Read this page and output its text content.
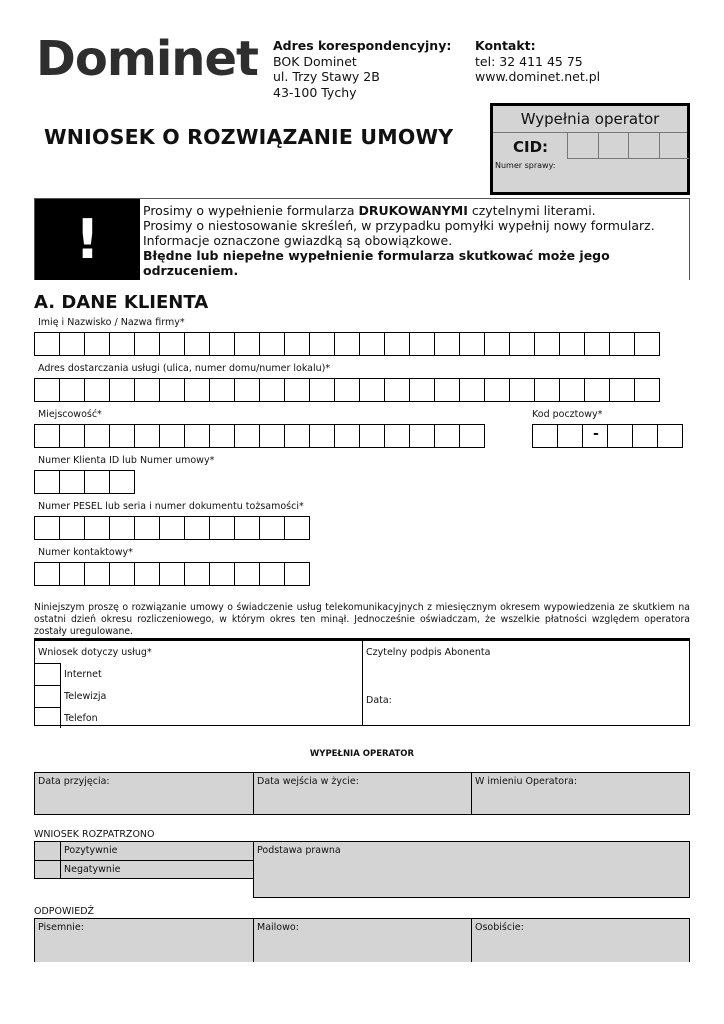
Dominet Adres korespondencyjny:
BOK Dominet
ul. Trzy Stawy 2B
43-100 Tychy
Kontakt:
tel: 32 411 45 75
www.dominet.net.pl
WNIOSEK O ROZWIĄZANIE UMOWY
Wypełnia operator
CID:
Numer sprawy:
!	Prosimy o wypełnienie formularza DRUKOWANYMI czytelnymi literami.
Prosimy o niestosowanie skreśleń, w przypadku pomyłki wypełnij nowy formularz.
Informacje oznaczone gwiazdką są obowiązkowe.
Błędne lub niepełne wypełnienie formularza skutkować może jego odrzuceniem.
A. DANE KLIENTA
Imię i Nazwisko / Nazwa firmy*
Adres dostarczania usługi (ulica, numer domu/numer lokalu)*
Miejscowość*	Kod pocztowy*
-
Numer Klienta ID lub Numer umowy*
Numer PESEL lub seria i numer dokumentu tożsamości*
Numer kontaktowy*
Niniejszym proszę o rozwiązanie umowy o świadczenie usług telekomunikacyjnych z miesięcznym okresem wypowiedzenia ze skutkiem na ostatni dzień okresu rozliczeniowego, w którym okres ten minął. Jednocześnie oświadczam, że wszelkie płatności względem operatora zostały uregulowane.
Wniosek dotyczy usług*
Internet
Telewizja
Telefon
Czytelny podpis Abonenta
Data:
WYPEŁNIA OPERATOR
Data przyjęcia:	Data wejścia w życie:	W imieniu Operatora:
WNIOSEK ROZPATRZONO
Pozytywnie
Negatywnie
Podstawa prawna
ODPOWIEDŹ
Pisemnie:	Mailowo:	Osobiście:
